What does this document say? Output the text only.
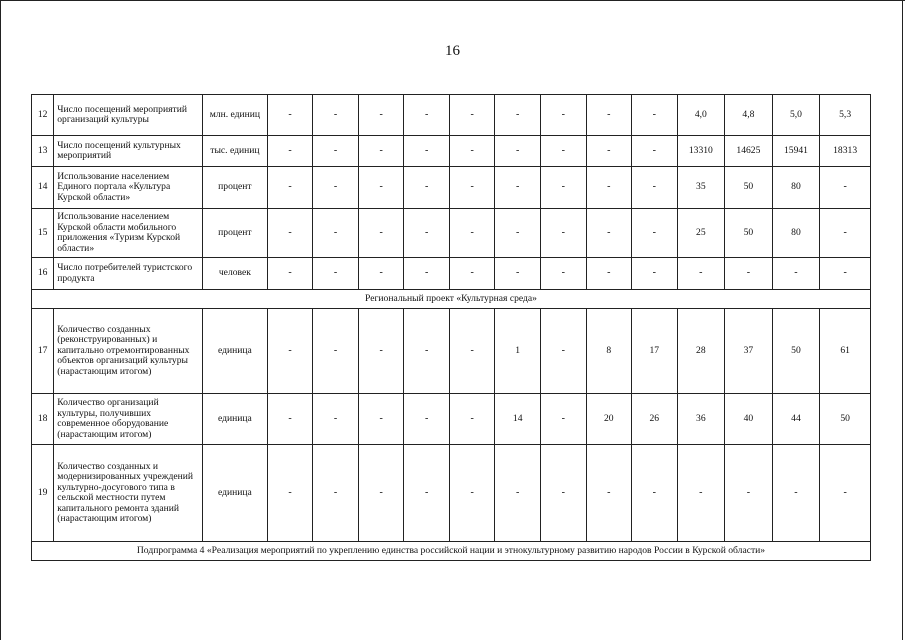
16
12	Число посещений мероприятий организаций культуры	млн. единиц	-	-	-	-	-	-	-	-	-	4,0	4,8	5,0	5,3
13	Число посещений культурных мероприятий	тыс. единиц	-	-	-	-	-	-	-	-	-	13310	14625	15941	18313
14	Использование населением Единого портала «Культура Курской области»	процент	-	-	-	-	-	-	-	-	-	35	50	80	-
15	Использование населением Курской области мобильного приложения «Туризм Курской области»	процент	-	-	-	-	-	-	-	-	-	25	50	80	-
16	Число потребителей туристского продукта	человек	-	-	-	-	-	-	-	-	-	-	-	-	-
Региональный проект «Культурная среда»															
17	Количество созданных (реконструированных) и капитально отремонтированных объектов организаций культуры (нарастающим итогом)	единица	-	-	-	-	-	1	-	8	17	28	37	50	61
18	Количество организаций культуры, получивших современное оборудование (нарастающим итогом)	единица	-	-	-	-	-	14	-	20	26	36	40	44	50
19	Количество созданных и модернизированных учреждений культурно-досугового типа в сельской местности путем капитального ремонта зданий (нарастающим итогом)	единица	-	-	-	-	-	-	-	-	-	-	-	-	-
Подпрограмма 4 «Реализация мероприятий по укреплению единства российской нации и этнокультурному развитию народов России в Курской области»															
